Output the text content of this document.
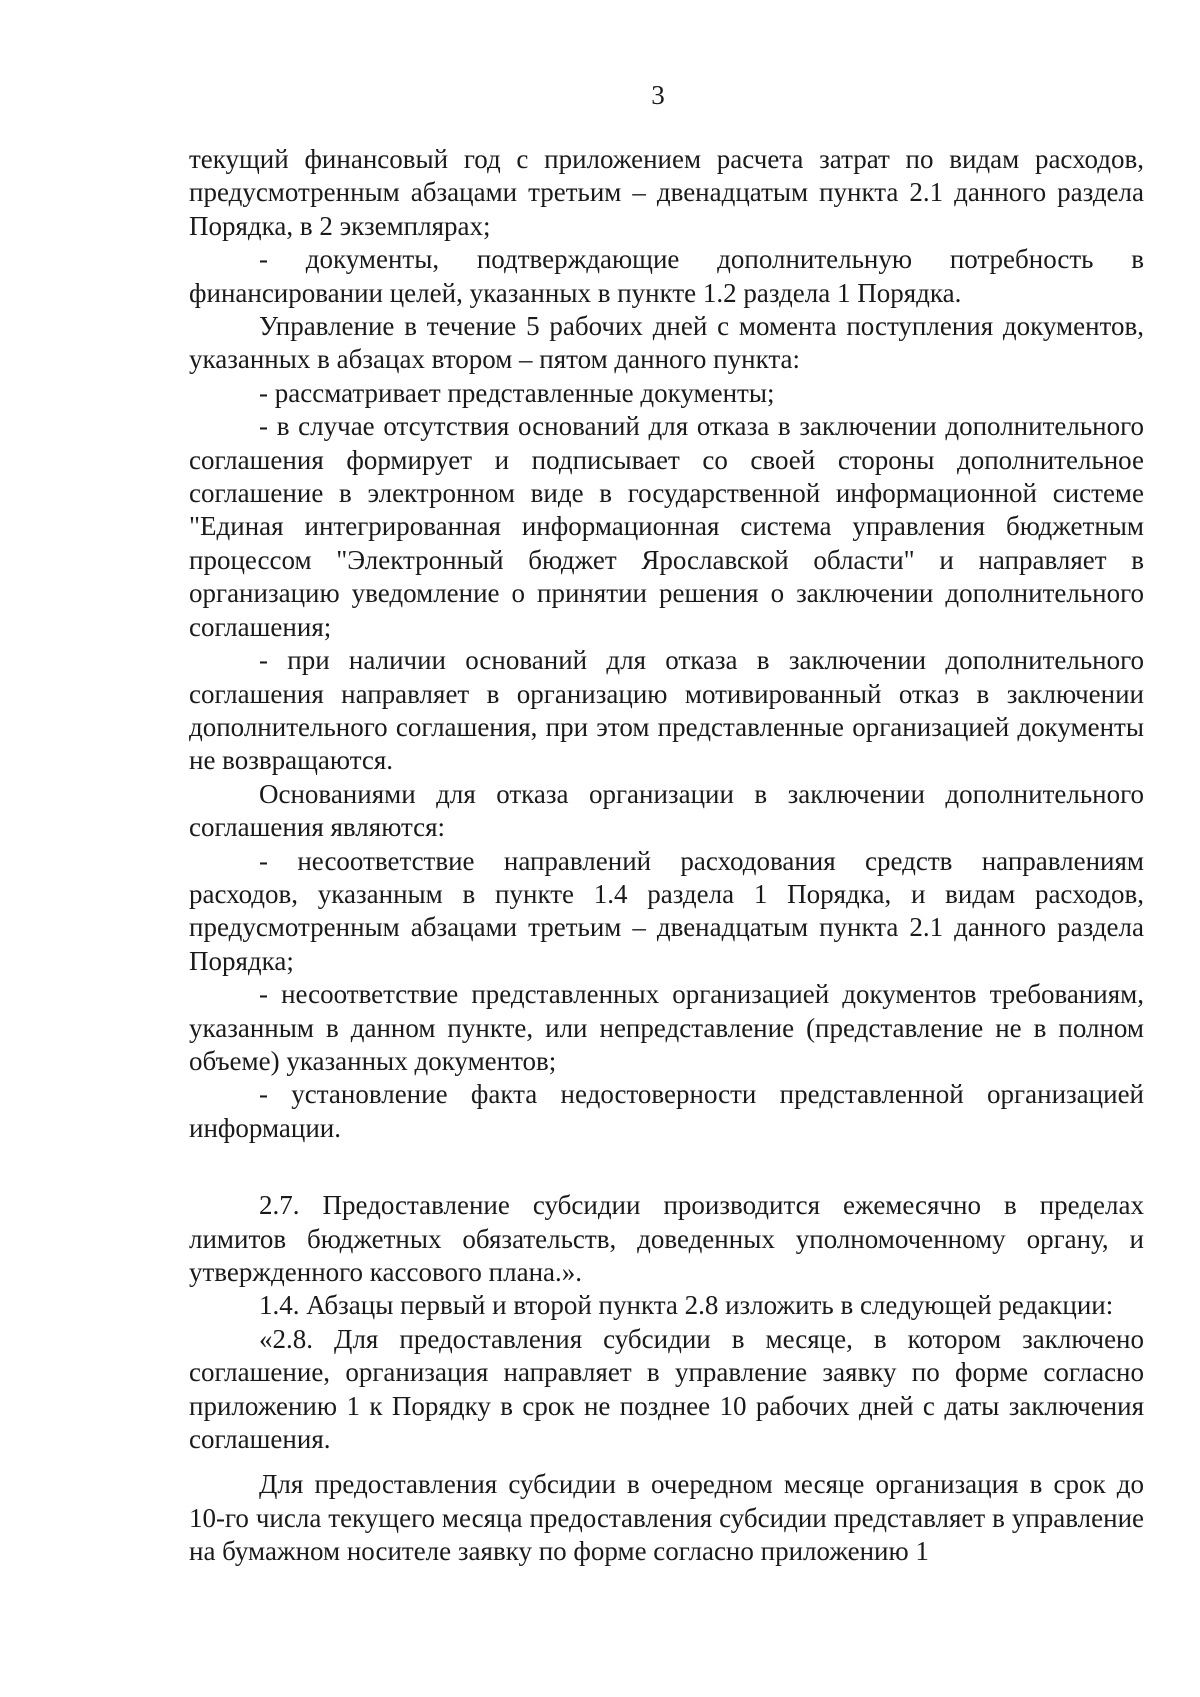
3

текущий финансовый год с приложением расчета затрат по видам расходов, предусмотренным абзацами третьим – двенадцатым пункта 2.1 данного раздела Порядка, в 2 экземплярах;

- документы, подтверждающие дополнительную потребность в финансировании целей, указанных в пункте 1.2 раздела 1 Порядка.

Управление в течение 5 рабочих дней с момента поступления документов, указанных в абзацах втором – пятом данного пункта:

- рассматривает представленные документы;

- в случае отсутствия оснований для отказа в заключении дополнительного соглашения формирует и подписывает со своей стороны дополнительное соглашение в электронном виде в государственной информационной системе "Единая интегрированная информационная система управления бюджетным процессом "Электронный бюджет Ярославской области" и направляет в организацию уведомление о принятии решения о заключении дополнительного соглашения;

- при наличии оснований для отказа в заключении дополнительного соглашения направляет в организацию мотивированный отказ в заключении дополнительного соглашения, при этом представленные организацией документы не возвращаются.

Основаниями для отказа организации в заключении дополнительного соглашения являются:

- несоответствие направлений расходования средств направлениям расходов, указанным в пункте 1.4 раздела 1 Порядка, и видам расходов, предусмотренным абзацами третьим – двенадцатым пункта 2.1 данного раздела Порядка;

- несоответствие представленных организацией документов требованиям, указанным в данном пункте, или непредставление (представление не в полном объеме) указанных документов;

- установление факта недостоверности представленной организацией информации.

2.7. Предоставление субсидии производится ежемесячно в пределах лимитов бюджетных обязательств, доведенных уполномоченному органу, и утвержденного кассового плана.».

1.4. Абзацы первый и второй пункта 2.8 изложить в следующей редакции:

«2.8. Для предоставления субсидии в месяце, в котором заключено соглашение, организация направляет в управление заявку по форме согласно приложению 1 к Порядку в срок не позднее 10 рабочих дней с даты заключения соглашения.

Для предоставления субсидии в очередном месяце организация в срок до 10-го числа текущего месяца предоставления субсидии представляет в управление на бумажном носителе заявку по форме согласно приложению 1
